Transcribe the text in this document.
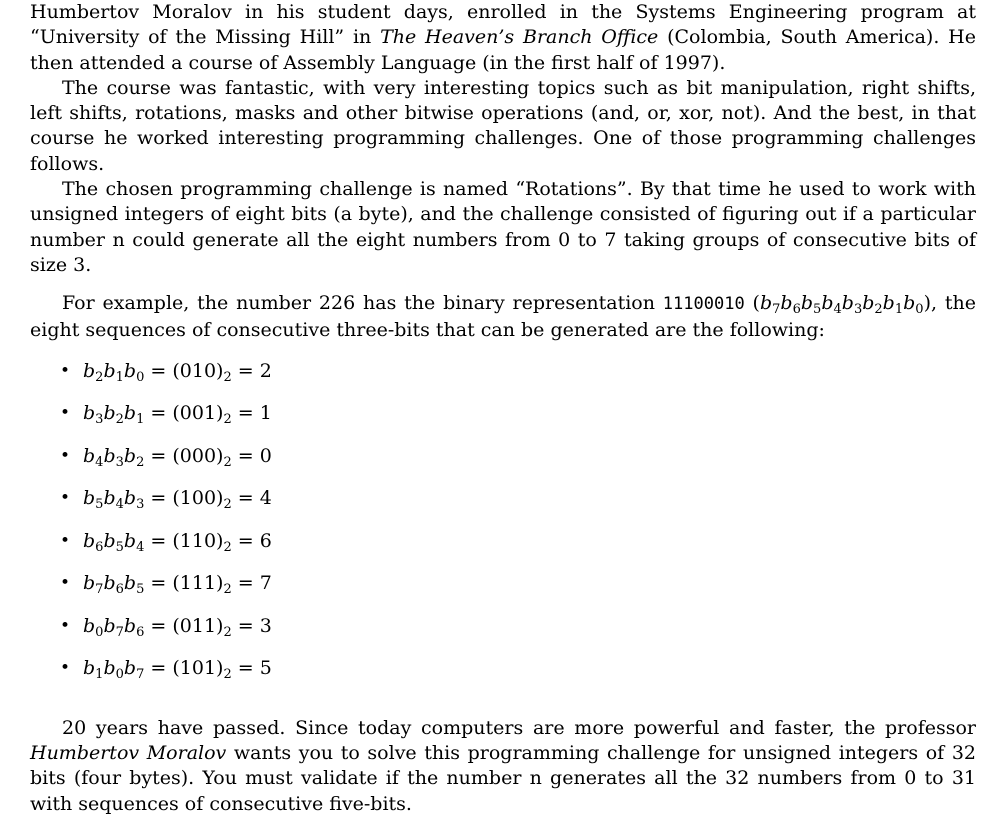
Humbertov Moralov in his student days, enrolled in the Systems Engineering program at “University of the Missing Hill” in The Heaven’s Branch Office (Colombia, South America). He then attended a course of Assembly Language (in the first half of 1997).

The course was fantastic, with very interesting topics such as bit manipulation, right shifts, left shifts, rotations, masks and other bitwise operations (and, or, xor, not). And the best, in that course he worked interesting programming challenges. One of those programming challenges follows.

The chosen programming challenge is named “Rotations”. By that time he used to work with unsigned integers of eight bits (a byte), and the challenge consisted of figuring out if a particular number n could generate all the eight numbers from 0 to 7 taking groups of consecutive bits of size 3.

For example, the number 226 has the binary representation 11100010 $(b_7b_6b_5b_4b_3b_2b_1b_0)$, the eight sequences of consecutive three-bits that can be generated are the following:

• $b_2b_1b_0 = (010)_2 = 2$
• $b_3b_2b_1 = (001)_2 = 1$
• $b_4b_3b_2 = (000)_2 = 0$
• $b_5b_4b_3 = (100)_2 = 4$
• $b_6b_5b_4 = (110)_2 = 6$
• $b_7b_6b_5 = (111)_2 = 7$
• $b_0b_7b_6 = (011)_2 = 3$
• $b_1b_0b_7 = (101)_2 = 5$

20 years have passed. Since today computers are more powerful and faster, the professor Humbertov Moralov wants you to solve this programming challenge for unsigned integers of 32 bits (four bytes). You must validate if the number n generates all the 32 numbers from 0 to 31 with sequences of consecutive five-bits.
